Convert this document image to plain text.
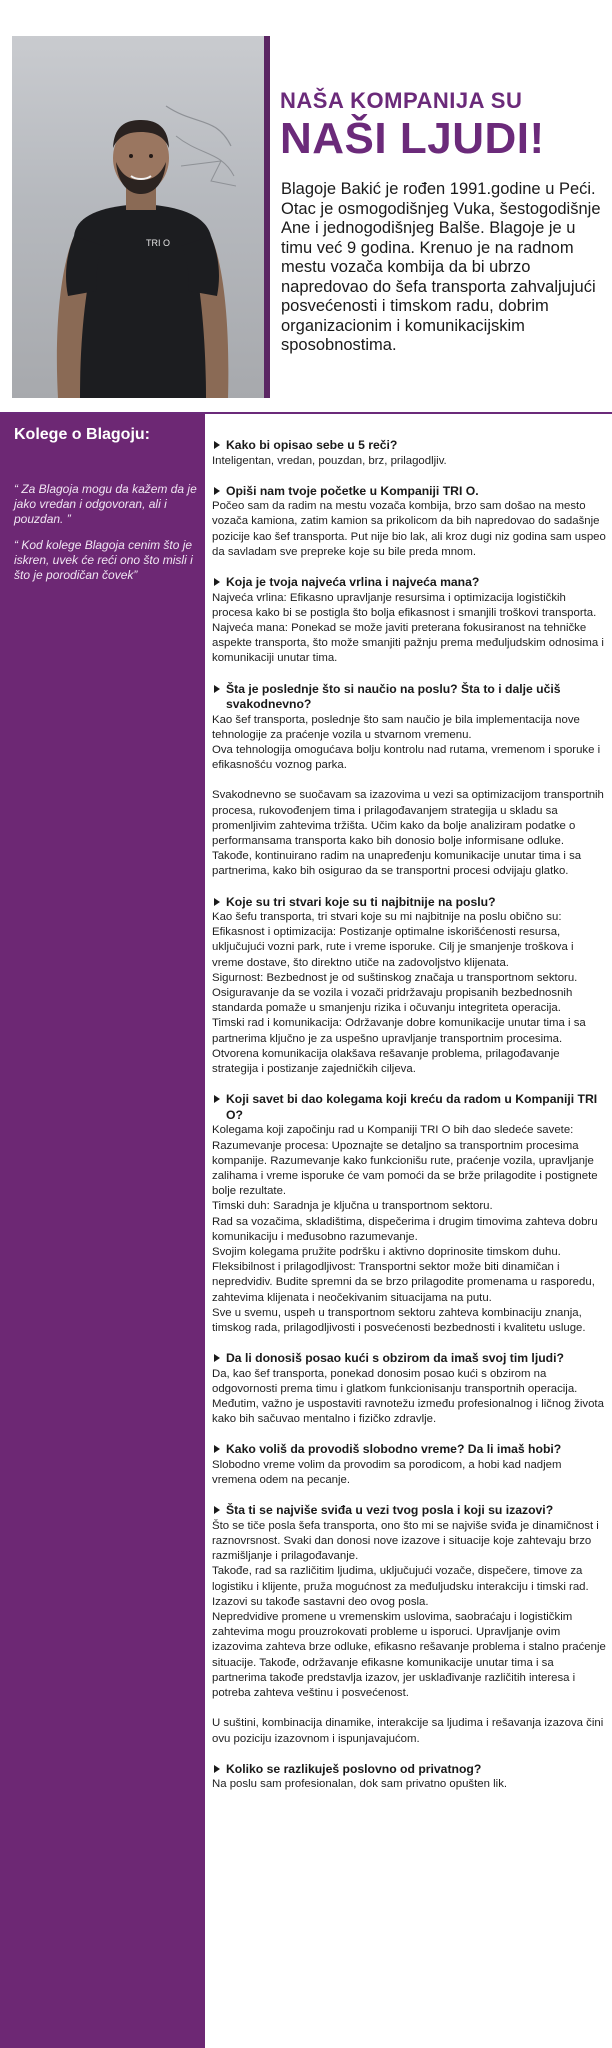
TRI O
NAŠA KOMPANIJA SU
NAŠI LJUDI!
Blagoje Bakić je rođen 1991.godine u Peći. Otac je osmogodišnjeg Vuka, šestogodišnje Ane i jednogodišnjeg Balše. Blagoje je u timu već 9 godina. Krenuo je na radnom mestu vozača kombija da bi ubrzo napredovao do šefa transporta zahvaljujući posvećenosti i timskom radu, dobrim organizacionim i komunikacijskim sposobnostima.
Kolege o Blagoju:
“ Za Blagoja mogu da kažem da je jako vredan i odgovoran, ali i pouzdan. ”
“ Kod kolege Blagoja cenim što je iskren, uvek će reći ono što misli i što je porodičan čovek”
Kako bi opisao sebe u 5 reči?
Inteligentan, vredan, pouzdan, brz, prilagodljiv.
Opiši nam tvoje početke u Kompaniji TRI O.
Počeo sam da radim na mestu vozača kombija, brzo sam došao na mesto vozača kamiona, zatim kamion sa prikolicom da bih napredovao do sadašnje pozicije kao šef transporta. Put nije bio lak, ali kroz dugi niz godina sam uspeo da savladam sve prepreke koje su bile preda mnom.
Koja je tvoja najveća vrlina i najveća mana?
Najveća vrlina: Efikasno upravljanje resursima i optimizacija logističkih procesa kako bi se postigla što bolja efikasnost i smanjili troškovi transporta.
Najveća mana: Ponekad se može javiti preterana fokusiranost na tehničke aspekte transporta, što može smanjiti pažnju prema međuljudskim odnosima i komunikaciji unutar tima.
Šta je poslednje što si naučio na poslu? Šta to i dalje učiš svakodnevno?
Kao šef transporta, poslednje što sam naučio je bila implementacija nove tehnologije za praćenje vozila u stvarnom vremenu.
Ova tehnologija omogućava bolju kontrolu nad rutama, vremenom i sporuke i efikasnošću voznog parka.
Svakodnevno se suočavam sa izazovima u vezi sa optimizacijom transportnih procesa, rukovođenjem tima i prilagođavanjem strategija u skladu sa promenljivim zahtevima tržišta. Učim kako da bolje analiziram podatke o performansama transporta kako bih donosio bolje informisane odluke. Takođe, kontinuirano radim na unapređenju komunikacije unutar tima i sa partnerima, kako bih osigurao da se transportni procesi odvijaju glatko.
Koje su tri stvari koje su ti najbitnije na poslu?
Kao šefu transporta, tri stvari koje su mi najbitnije na poslu obično su:
Efikasnost i optimizacija: Postizanje optimalne iskorišćenosti resursa, uključujući vozni park, rute i vreme isporuke. Cilj je smanjenje troškova i vreme dostave, što direktno utiče na zadovoljstvo klijenata.
Sigurnost: Bezbednost je od suštinskog značaja u transportnom sektoru. Osiguravanje da se vozila i vozači pridržavaju propisanih bezbednosnih standarda pomaže u smanjenju rizika i očuvanju integriteta operacija.
Timski rad i komunikacija: Održavanje dobre komunikacije unutar tima i sa partnerima ključno je za uspešno upravljanje transportnim procesima. Otvorena komunikacija olakšava rešavanje problema, prilagođavanje strategija i postizanje zajedničkih ciljeva.
Koji savet bi dao kolegama koji kreću da radom u Kompaniji TRI O?
Kolegama koji započinju rad u Kompaniji TRI O bih dao sledeće savete:
Razumevanje procesa: Upoznajte se detaljno sa transportnim procesima kompanije. Razumevanje kako funkcionišu rute, praćenje vozila, upravljanje zalihama i vreme isporuke će vam pomoći da se brže prilagodite i postignete bolje rezultate.
Timski duh: Saradnja je ključna u transportnom sektoru.
Rad sa vozačima, skladištima, dispečerima i drugim timovima zahteva dobru komunikaciju i međusobno razumevanje.
Svojim kolegama pružite podršku i aktivno doprinosite timskom duhu.
Fleksibilnost i prilagodljivost: Transportni sektor može biti dinamičan i nepredvidiv. Budite spremni da se brzo prilagodite promenama u rasporedu, zahtevima klijenata i neočekivanim situacijama na putu.
Sve u svemu, uspeh u transportnom sektoru zahteva kombinaciju znanja, timskog rada, prilagodljivosti i posvećenosti bezbednosti i kvalitetu usluge.
Da li donosiš posao kući s obzirom da imaš svoj tim ljudi?
Da, kao šef transporta, ponekad donosim posao kući s obzirom na odgovornosti prema timu i glatkom funkcionisanju transportnih operacija. Međutim, važno je uspostaviti ravnotežu između profesionalnog i ličnog života kako bih sačuvao mentalno i fizičko zdravlje.
Kako voliš da provodiš slobodno vreme? Da li imaš hobi?
Slobodno vreme volim da provodim sa porodicom, a hobi kad nadjem vremena odem na pecanje.
Šta ti se najviše sviđa u vezi tvog posla i koji su izazovi?
Što se tiče posla šefa transporta, ono što mi se najviše sviđa je dinamičnost i raznovrsnost. Svaki dan donosi nove izazove i situacije koje zahtevaju brzo razmišljanje i prilagođavanje.
Takođe, rad sa različitim ljudima, uključujući vozače, dispečere, timove za logistiku i klijente, pruža mogućnost za međuljudsku interakciju i timski rad. Izazovi su takođe sastavni deo ovog posla.
Nepredvidive promene u vremenskim uslovima, saobraćaju i logističkim zahtevima mogu prouzrokovati probleme u isporuci. Upravljanje ovim izazovima zahteva brze odluke, efikasno rešavanje problema i stalno praćenje situacije. Takođe, održavanje efikasne komunikacije unutar tima i sa partnerima takođe predstavlja izazov, jer usklađivanje različitih interesa i potreba zahteva veštinu i posvećenost.
U suštini, kombinacija dinamike, interakcije sa ljudima i rešavanja izazova čini ovu poziciju izazovnom i ispunjavajućom.
Koliko se razlikuješ poslovno od privatnog?
Na poslu sam profesionalan, dok sam privatno opušten lik.
